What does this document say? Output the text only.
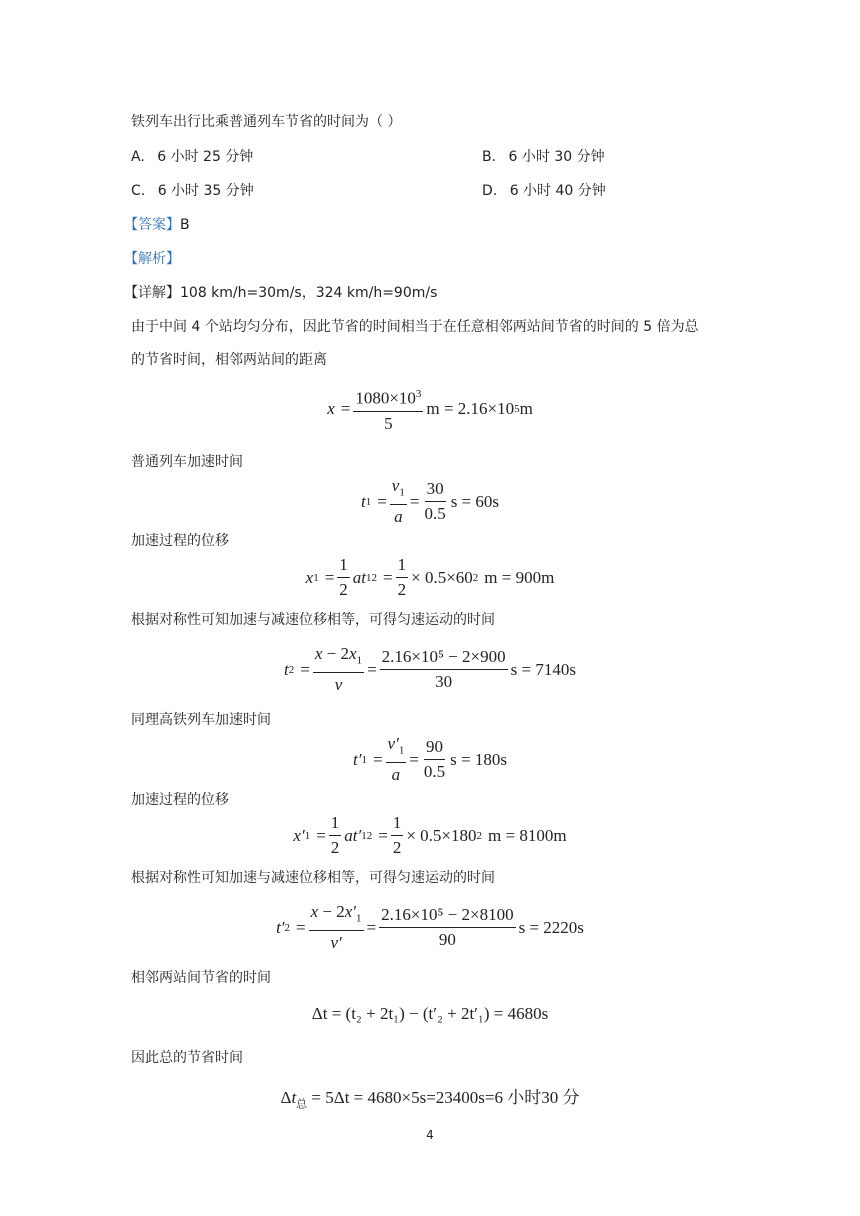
铁列车出行比乘普通列车节省的时间为（ ）
A. 6 小时 25 分钟	B. 6 小时 30 分钟
C. 6 小时 35 分钟	D. 6 小时 40 分钟
【答案】B
【解析】
【详解】108 km/h=30m/s，324 km/h=90m/s
由于中间 4 个站均匀分布，因此节省的时间相当于在任意相邻两站间节省的时间的 5 倍为总
的节省时间，相邻两站间的距离
$x = \frac{1080\times 10^3}{5}$ m = 2.16×10 5 m
普通列车加速时间
t $1 = \frac{v_1}{a} = \frac{30}{0.5}$ s = 60s
加速过程的位移
x $1 = \frac{1}{2}$ at 1 $2 = \frac{1}{2} \times 0.5\times 60$ 2 m = 900m
根据对称性可知加速与减速位移相等，可得匀速运动的时间
t $2 = \frac{x - 2x_1}{v} = \frac{\text{2.16×10⁵ − 2×900}}{30}$ s = 7140s
同理高铁列车加速时间
t′ $1 = \frac{v'_1}{a} = \frac{90}{0.5}$ s = 180s
加速过程的位移
x′ $1 = \frac{1}{2} at'$ 1 $2 = \frac{1}{2} \times 0.5\times 180$ 2 m = 8100m
根据对称性可知加速与减速位移相等，可得匀速运动的时间
t′ $2 = \frac{x - 2x'_1}{v'} = \frac{\text{2.16×10⁵ − 2×8100}}{90}$ s = 2220s
相邻两站间节省的时间
Δt = (t₂ + 2t₁) − (t′₂ + 2t′₁) = 4680s
因此总的节省时间
$\Delta t_总 = 5\Delta t = 4680\times 5s=23400s=6$ 小时30 分
4
